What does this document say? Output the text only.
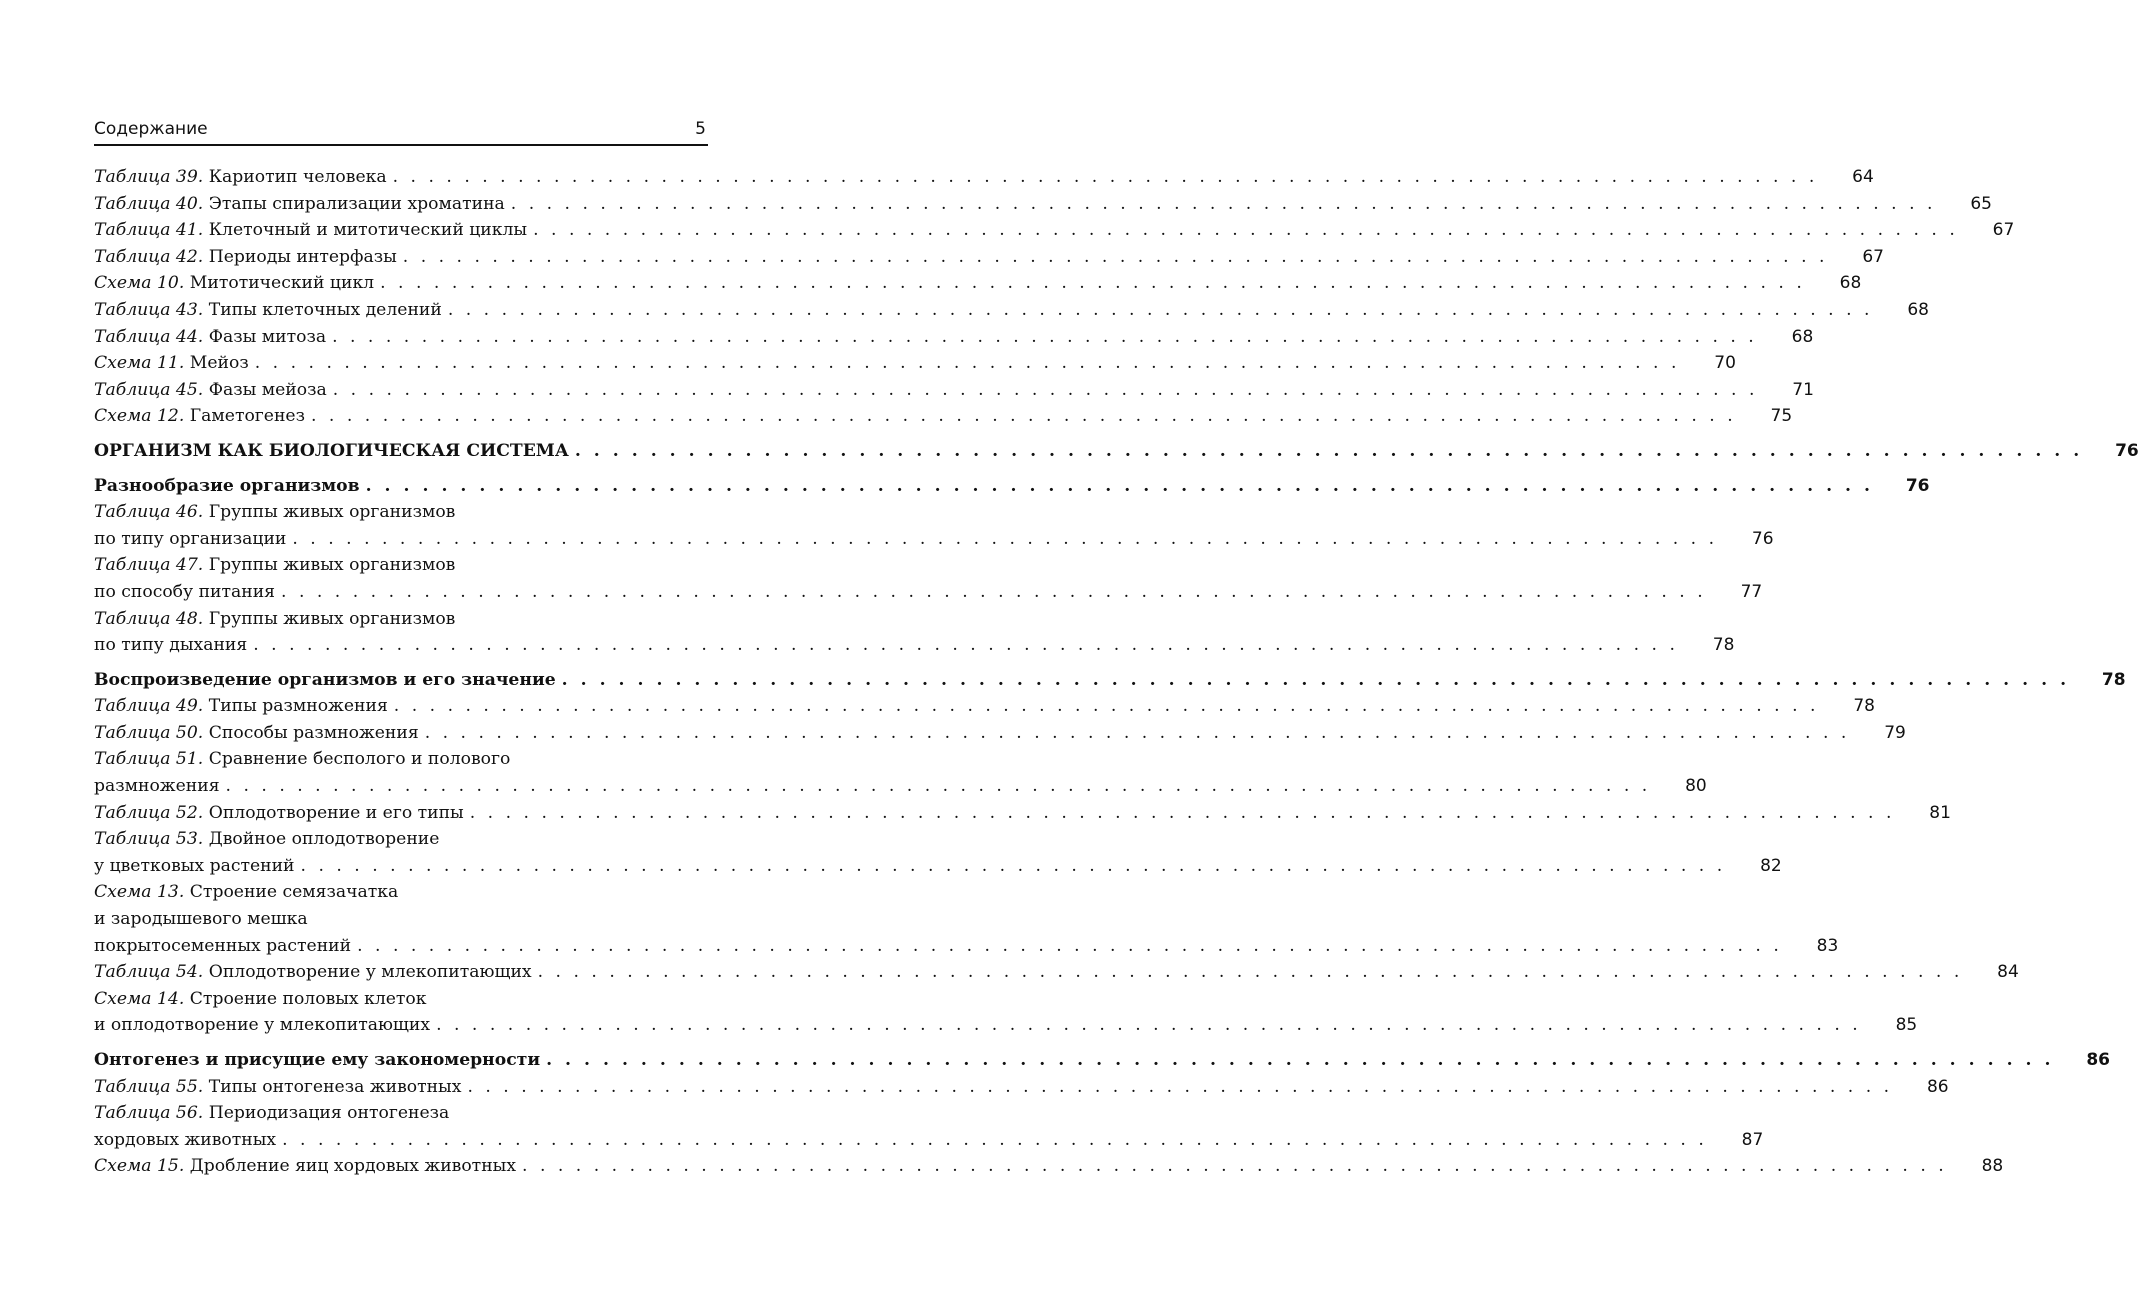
Содержание	5
Таблица 39. Кариотип человека . . . . . . . . . . . . . . . . . . . . . . . . . . . . . . . . . . . . . . . . . . . . . . . . . . . . . . . . . . . . . . . . . . . . . . . . . . . . . . . .	64
Таблица 40. Этапы спирализации хроматина . . . . . . . . . . . . . . . . . . . . . . . . . . . . . . . . . . . . . . . . . . . . . . . . . . . . . . . . . . . . . . . . . . . . . . . . . . . . . . . .	65
Таблица 41. Клеточный и митотический циклы . . . . . . . . . . . . . . . . . . . . . . . . . . . . . . . . . . . . . . . . . . . . . . . . . . . . . . . . . . . . . . . . . . . . . . . . . . . . . . . .	67
Таблица 42. Периоды интерфазы . . . . . . . . . . . . . . . . . . . . . . . . . . . . . . . . . . . . . . . . . . . . . . . . . . . . . . . . . . . . . . . . . . . . . . . . . . . . . . . .	67
Схема 10. Митотический цикл . . . . . . . . . . . . . . . . . . . . . . . . . . . . . . . . . . . . . . . . . . . . . . . . . . . . . . . . . . . . . . . . . . . . . . . . . . . . . . . .	68
Таблица 43. Типы клеточных делений . . . . . . . . . . . . . . . . . . . . . . . . . . . . . . . . . . . . . . . . . . . . . . . . . . . . . . . . . . . . . . . . . . . . . . . . . . . . . . . .	68
Таблица 44. Фазы митоза . . . . . . . . . . . . . . . . . . . . . . . . . . . . . . . . . . . . . . . . . . . . . . . . . . . . . . . . . . . . . . . . . . . . . . . . . . . . . . . .	68
Схема 11. Мейоз . . . . . . . . . . . . . . . . . . . . . . . . . . . . . . . . . . . . . . . . . . . . . . . . . . . . . . . . . . . . . . . . . . . . . . . . . . . . . . . .	70
Таблица 45. Фазы мейоза . . . . . . . . . . . . . . . . . . . . . . . . . . . . . . . . . . . . . . . . . . . . . . . . . . . . . . . . . . . . . . . . . . . . . . . . . . . . . . . .	71
Схема 12. Гаметогенез . . . . . . . . . . . . . . . . . . . . . . . . . . . . . . . . . . . . . . . . . . . . . . . . . . . . . . . . . . . . . . . . . . . . . . . . . . . . . . . .	75
ОРГАНИЗМ КАК БИОЛОГИЧЕСКАЯ СИСТЕМА . . . . . . . . . . . . . . . . . . . . . . . . . . . . . . . . . . . . . . . . . . . . . . . . . . . . . . . . . . . . . . . . . . . . . . . . . . . . . . . .	76
Разнообразие организмов . . . . . . . . . . . . . . . . . . . . . . . . . . . . . . . . . . . . . . . . . . . . . . . . . . . . . . . . . . . . . . . . . . . . . . . . . . . . . . . .	76
Таблица 46. Группы живых организмов
по типу организации . . . . . . . . . . . . . . . . . . . . . . . . . . . . . . . . . . . . . . . . . . . . . . . . . . . . . . . . . . . . . . . . . . . . . . . . . . . . . . . .	76
Таблица 47. Группы живых организмов
по способу питания . . . . . . . . . . . . . . . . . . . . . . . . . . . . . . . . . . . . . . . . . . . . . . . . . . . . . . . . . . . . . . . . . . . . . . . . . . . . . . . .	77
Таблица 48. Группы живых организмов
по типу дыхания . . . . . . . . . . . . . . . . . . . . . . . . . . . . . . . . . . . . . . . . . . . . . . . . . . . . . . . . . . . . . . . . . . . . . . . . . . . . . . . .	78
Воспроизведение организмов и его значение . . . . . . . . . . . . . . . . . . . . . . . . . . . . . . . . . . . . . . . . . . . . . . . . . . . . . . . . . . . . . . . . . . . . . . . . . . . . . . . .	78
Таблица 49. Типы размножения . . . . . . . . . . . . . . . . . . . . . . . . . . . . . . . . . . . . . . . . . . . . . . . . . . . . . . . . . . . . . . . . . . . . . . . . . . . . . . . .	78
Таблица 50. Способы размножения . . . . . . . . . . . . . . . . . . . . . . . . . . . . . . . . . . . . . . . . . . . . . . . . . . . . . . . . . . . . . . . . . . . . . . . . . . . . . . . .	79
Таблица 51. Сравнение бесполого и полового
размножения . . . . . . . . . . . . . . . . . . . . . . . . . . . . . . . . . . . . . . . . . . . . . . . . . . . . . . . . . . . . . . . . . . . . . . . . . . . . . . . .	80
Таблица 52. Оплодотворение и его типы . . . . . . . . . . . . . . . . . . . . . . . . . . . . . . . . . . . . . . . . . . . . . . . . . . . . . . . . . . . . . . . . . . . . . . . . . . . . . . . .	81
Таблица 53. Двойное оплодотворение
у цветковых растений . . . . . . . . . . . . . . . . . . . . . . . . . . . . . . . . . . . . . . . . . . . . . . . . . . . . . . . . . . . . . . . . . . . . . . . . . . . . . . . .	82
Схема 13. Строение семязачатка
и зародышевого мешка
покрытосеменных растений . . . . . . . . . . . . . . . . . . . . . . . . . . . . . . . . . . . . . . . . . . . . . . . . . . . . . . . . . . . . . . . . . . . . . . . . . . . . . . . .	83
Таблица 54. Оплодотворение у млекопитающих . . . . . . . . . . . . . . . . . . . . . . . . . . . . . . . . . . . . . . . . . . . . . . . . . . . . . . . . . . . . . . . . . . . . . . . . . . . . . . . .	84
Схема 14. Строение половых клеток
и оплодотворение у млекопитающих . . . . . . . . . . . . . . . . . . . . . . . . . . . . . . . . . . . . . . . . . . . . . . . . . . . . . . . . . . . . . . . . . . . . . . . . . . . . . . . .	85
Онтогенез и присущие ему закономерности . . . . . . . . . . . . . . . . . . . . . . . . . . . . . . . . . . . . . . . . . . . . . . . . . . . . . . . . . . . . . . . . . . . . . . . . . . . . . . . .	86
Таблица 55. Типы онтогенеза животных . . . . . . . . . . . . . . . . . . . . . . . . . . . . . . . . . . . . . . . . . . . . . . . . . . . . . . . . . . . . . . . . . . . . . . . . . . . . . . . .	86
Таблица 56. Периодизация онтогенеза
хордовых животных . . . . . . . . . . . . . . . . . . . . . . . . . . . . . . . . . . . . . . . . . . . . . . . . . . . . . . . . . . . . . . . . . . . . . . . . . . . . . . . .	87
Схема 15. Дробление яиц хордовых животных . . . . . . . . . . . . . . . . . . . . . . . . . . . . . . . . . . . . . . . . . . . . . . . . . . . . . . . . . . . . . . . . . . . . . . . . . . . . . . . .	88
